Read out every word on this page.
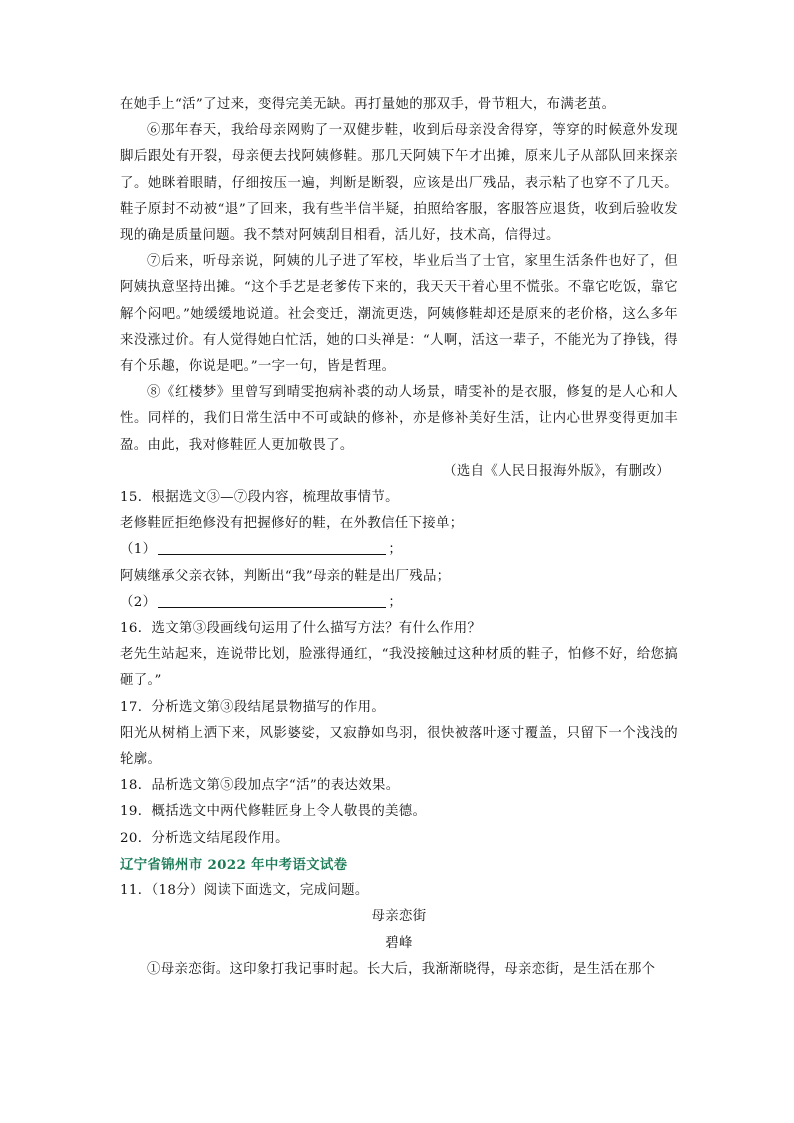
在她手上“活”了过来，变得完美无缺。再打量她的那双手，骨节粗大，布满老茧。

⑥那年春天，我给母亲网购了一双健步鞋，收到后母亲没舍得穿，等穿的时候意外发现脚后跟处有开裂，母亲便去找阿姨修鞋。那几天阿姨下午才出摊，原来儿子从部队回来探亲了。她眯着眼睛，仔细按压一遍，判断是断裂，应该是出厂残品，表示粘了也穿不了几天。鞋子原封不动被“退”了回来，我有些半信半疑，拍照给客服，客服答应退货，收到后验收发现的确是质量问题。我不禁对阿姨刮目相看，活儿好，技术高，信得过。

⑦后来，听母亲说，阿姨的儿子进了军校，毕业后当了士官，家里生活条件也好了，但阿姨执意坚持出摊。“这个手艺是老爹传下来的，我天天干着心里不慌张。不靠它吃饭，靠它解个闷吧。”她缓缓地说道。社会变迁，潮流更迭，阿姨修鞋却还是原来的老价格，这么多年来没涨过价。有人觉得她白忙活，她的口头禅是：“人啊，活这一辈子，不能光为了挣钱，得有个乐趣，你说是吧。”一字一句，皆是哲理。

⑧《红楼梦》里曾写到晴雯抱病补裘的动人场景，晴雯补的是衣服，修复的是人心和人性。同样的，我们日常生活中不可或缺的修补，亦是修补美好生活，让内心世界变得更加丰盈。由此，我对修鞋匠人更加敬畏了。

（选自《人民日报海外版》，有删改）

15．根据选文③—⑦段内容，梳理故事情节。

老修鞋匠拒绝修没有把握修好的鞋，在外教信任下接单；

（1）	；

阿姨继承父亲衣钵，判断出“我”母亲的鞋是出厂残品；

（2）	；

16．选文第③段画线句运用了什么描写方法？有什么作用？

老先生站起来，连说带比划，脸涨得通红，“我没接触过这种材质的鞋子，怕修不好，给您搞砸了。”

17．分析选文第③段结尾景物描写的作用。

阳光从树梢上洒下来，风影婆娑，又寂静如鸟羽，很快被落叶逐寸覆盖，只留下一个浅浅的轮廓。

18．品析选文第⑤段加点字“活”的表达效果。

19．概括选文中两代修鞋匠身上令人敬畏的美德。

20．分析选文结尾段作用。

辽宁省锦州市 2022 年中考语文试卷

11．（18分）阅读下面选文，完成问题。

母亲恋街

碧峰

①母亲恋街。这印象打我记事时起。长大后，我渐渐晓得，母亲恋街，是生活在那个
